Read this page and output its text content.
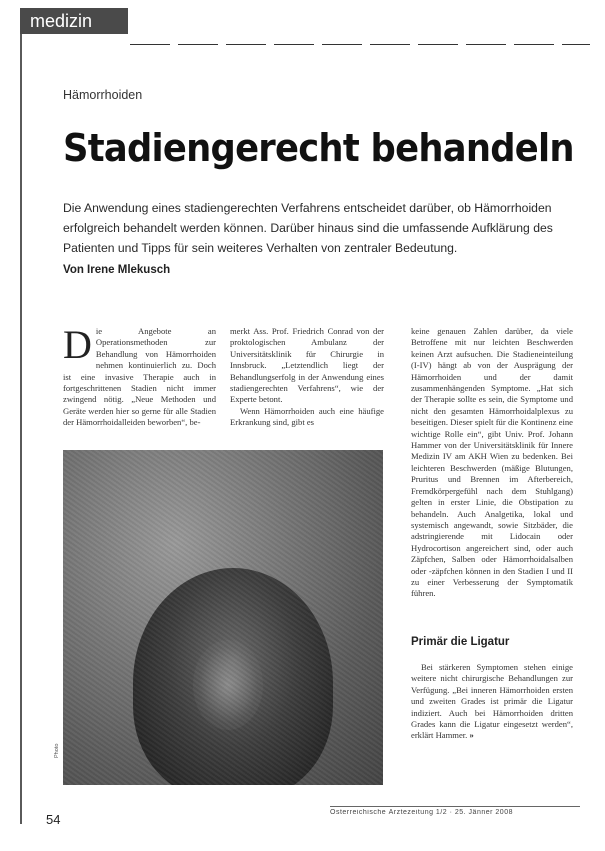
medizin
Hämorrhoiden
Stadiengerecht behandeln
Die Anwendung eines stadiengerechten Verfahrens entscheidet darüber, ob Hämorrhoiden erfolgreich behandelt werden können. Darüber hinaus sind die umfassende Aufklärung des Patienten und Tipps für sein weiteres Verhalten von zentraler Bedeutung.
Von Irene Mlekusch
Die Angebote an Operationsmethoden zur Behandlung von Hämorrhoiden nehmen kontinuierlich zu. Doch ist eine invasive Therapie auch in fortgeschrittenen Stadien nicht immer zwingend nötig. „Neue Methoden und Geräte werden hier so gerne für alle Stadien der Hämorrhoidalleiden beworben“, be-
merkt Ass. Prof. Friedrich Conrad von der proktologischen Ambulanz der Universitätsklinik für Chirurgie in Innsbruck. „Letztendlich liegt der Behandlungserfolg in der Anwendung eines stadiengerechten Verfahrens“, wie der Experte betont.
Wenn Hämorrhoiden auch eine häufige Erkrankung sind, gibt es
keine genauen Zahlen darüber, da viele Betroffene mit nur leichten Beschwerden keinen Arzt aufsuchen. Die Stadieneinteilung (I-IV) hängt ab von der Ausprägung der Hämorrhoiden und der damit zusammenhängenden Symptome. „Hat sich der Therapie sollte es sein, die Symptome und nicht den gesamten Hämorrhoidalplexus zu beseitigen. Dieser spielt für die Kontinenz eine wichtige Rolle ein“, gibt Univ. Prof. Johann Hammer von der Universitätsklinik für Innere Medizin IV am AKH Wien zu bedenken. Bei leichteren Beschwerden (mäßige Blutungen, Pruritus und Brennen im Afterbereich, Fremdkörpergefühl nach dem Stuhlgang) gelten in erster Linie, die Obstipation zu behandeln. Auch Analgetika, lokal und systemisch angewandt, sowie Sitzbäder, die adstringierende mit Lidocain oder Hydrocortison angereichert sind, oder auch Zäpfchen, Salben oder Hämorrhoidalsalben oder -zäpfchen können in den Stadien I und II zu einer Verbesserung der Symptomatik führen.
Primär die Ligatur
Bei stärkeren Symptomen stehen einige weitere nicht chirurgische Behandlungen zur Verfügung. „Bei inneren Hämorrhoiden ersten und zweiten Grades ist primär die Ligatur indiziert. Auch bei Hämorrhoiden dritten Grades kann die Ligatur eingesetzt werden“, erklärt Hammer. »
Photo
54	Österreichische Ärztezeitung 1/2 · 25. Jänner 2008
